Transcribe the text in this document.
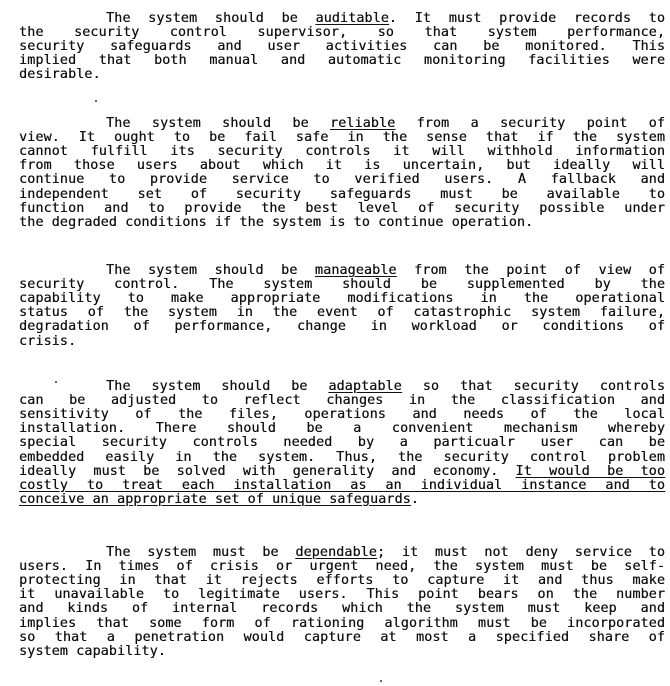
The system should be auditable. It must provide records to
the security control supervisor, so that system performance,
security safeguards and user activities can be monitored. This
implied that both manual and automatic monitoring facilities were
desirable.
The system should be reliable from a security point of
view. It ought to be fail safe in the sense that if the system
cannot fulfill its security controls it will withhold information
from those users about which it is uncertain, but ideally will
continue to provide service to verified users. A fallback and
independent set of security safeguards must be available to
function and to provide the best level of security possible under
the degraded conditions if the system is to continue operation.
The system should be manageable from the point of view of
security control. The system should be supplemented by the
capability to make appropriate modifications in the operational
status of the system in the event of catastrophic system failure,
degradation of performance, change in workload or conditions of
crisis.
The system should be adaptable so that security controls
can be adjusted to reflect changes in the classification and
sensitivity of the files, operations and needs of the local
installation. There should be a convenient mechanism whereby
special security controls needed by a particualr user can be
embedded easily in the system. Thus, the security control problem
ideally must be solved with generality and economy. It would be too
costly to treat each installation as an individual instance and to
conceive an appropriate set of unique safeguards.
The system must be dependable; it must not deny service to
users. In times of crisis or urgent need, the system must be self-
protecting in that it rejects efforts to capture it and thus make
it unavailable to legitimate users. This point bears on the number
and kinds of internal records which the system must keep and
implies that some form of rationing algorithm must be incorporated
so that a penetration would capture at most a specified share of
system capability.
